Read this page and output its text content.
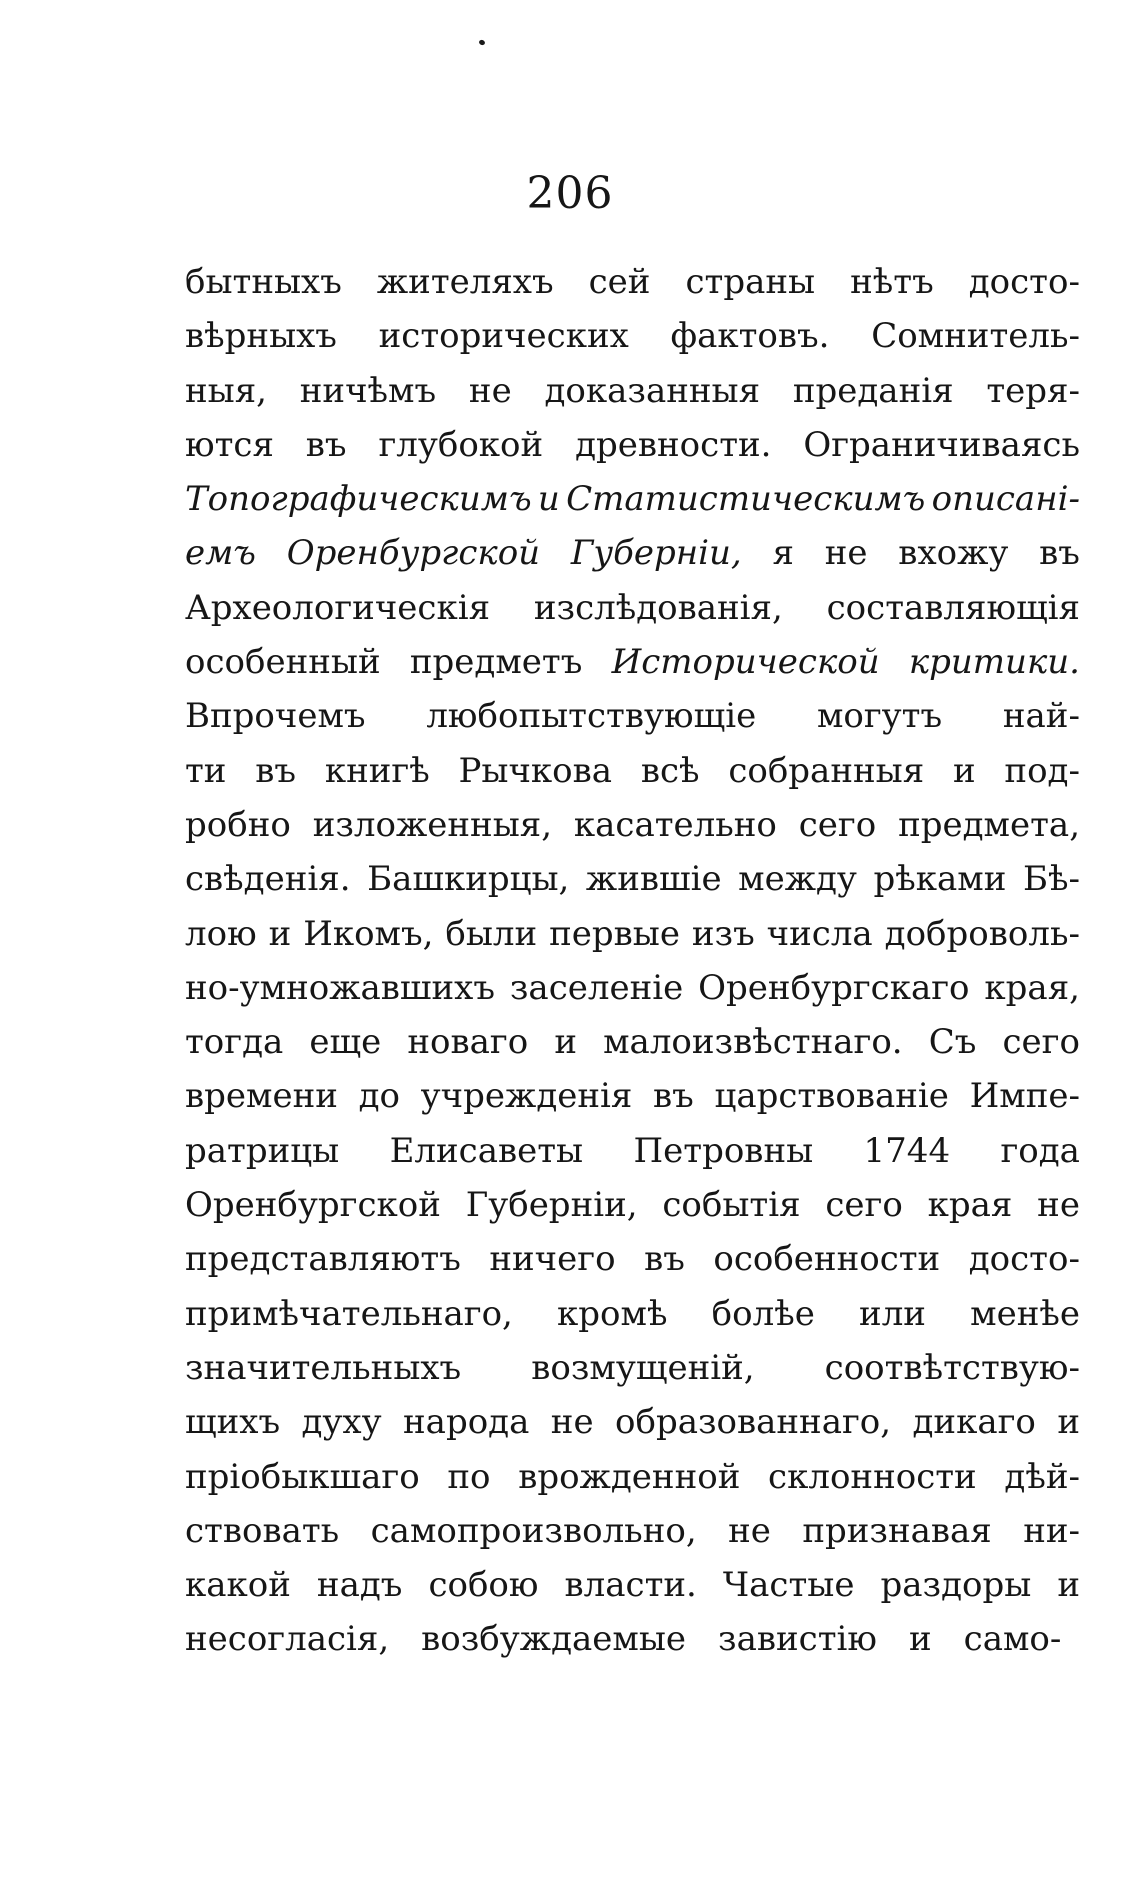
206
бытныхъ жителяхъ сей страны нѣтъ досто-
вѣрныхъ исторических фактовъ. Сомнитель-
ныя, ничѣмъ не доказанныя преданія теря-
ются въ глубокой древности. Ограничиваясь
Топографическимъ и Статистическимъ описані-
емъ Оренбургской Губерніи, я не вхожу въ
Археологическія изслѣдованія, составляющія
особенный предметъ Исторической критики.
Впрочемъ любопытствующіе могутъ най-
ти въ книгѣ Рычкова всѣ собранныя и под-
робно изложенныя, касательно сего предмета,
свѣденія. Башкирцы, жившіе между рѣками Бѣ-
лою и Икомъ, были первые изъ числа доброволь-
но-умножавшихъ заселеніе Оренбургскаго края,
тогда еще новаго и малоизвѣстнаго. Съ сего
времени до учрежденія въ царствованіе Импе-
ратрицы Елисаветы Петровны 1744 года
Оренбургской Губерніи, событія сего края не
представляютъ ничего въ особенности досто-
примѣчательнаго, кромѣ болѣе или менѣе
значительныхъ возмущеній, соотвѣтствую-
щихъ духу народа не образованнаго, дикаго и
пріобыкшаго по врожденной склонности дѣй-
ствовать самопроизвольно, не признавая ни-
какой надъ собою власти. Частые раздоры и
несогласія, возбуждаемые завистію и само-
